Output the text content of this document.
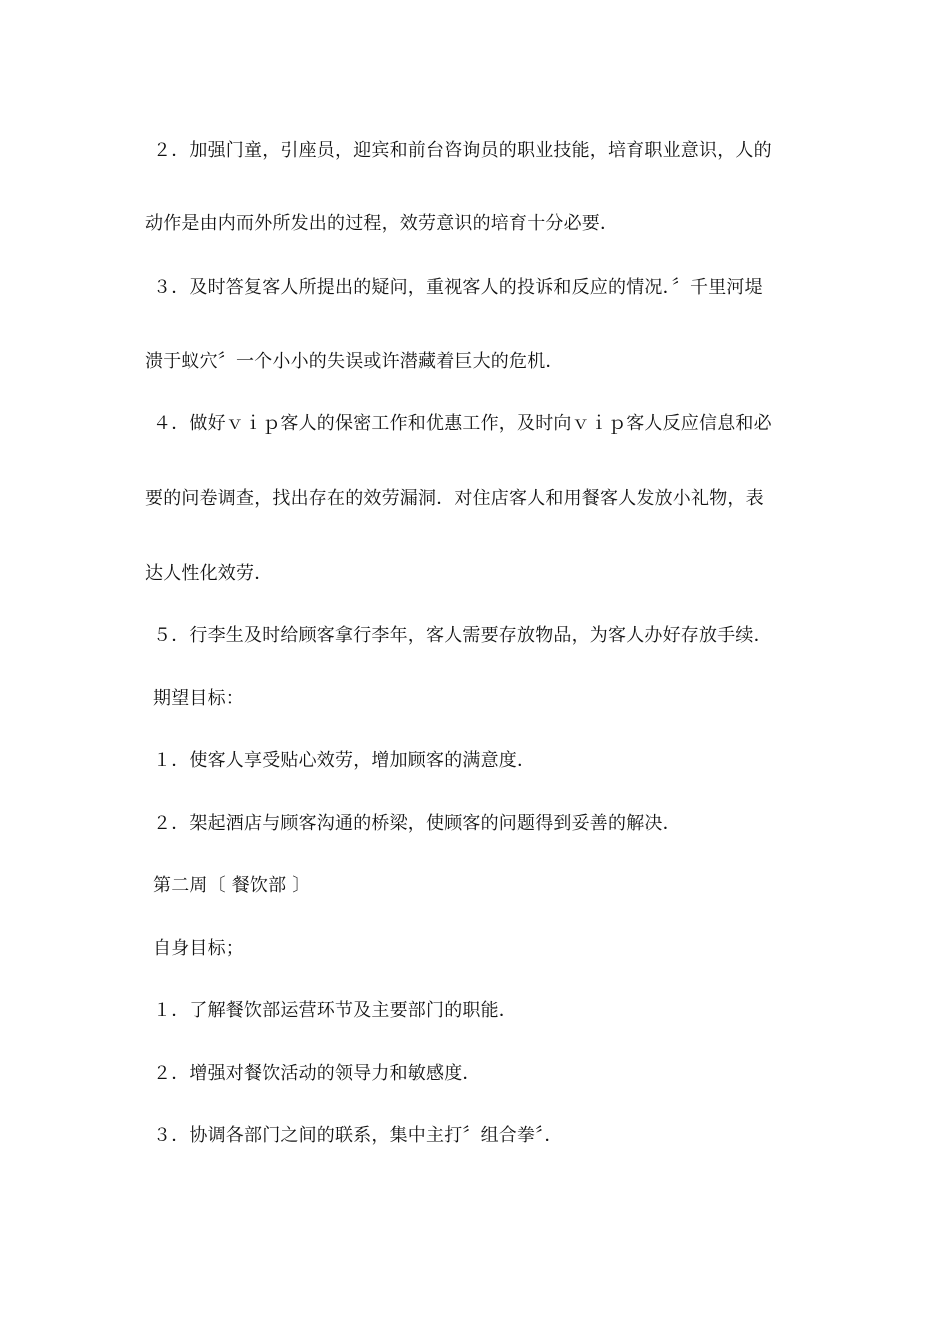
２．加强门童，引座员，迎宾和前台咨询员的职业技能，培育职业意识，人的
动作是由内而外所发出的过程，效劳意识的培育十分必要．
３．及时答复客人所提出的疑问，重视客人的投诉和反应的情况．〞千里河堤
溃于蚁穴〞一个小小的失误或许潜藏着巨大的危机．
４．做好ｖｉｐ客人的保密工作和优惠工作，及时向ｖｉｐ客人反应信息和必
要的问卷调查，找出存在的效劳漏洞．对住店客人和用餐客人发放小礼物，表
达人性化效劳．
５．行李生及时给顾客拿行李年，客人需要存放物品，为客人办好存放手续．
期望目标：
１．使客人享受贴心效劳，增加顾客的满意度．
２．架起酒店与顾客沟通的桥梁，使顾客的问题得到妥善的解决．
第二周〔 餐饮部 〕
自身目标；
１．了解餐饮部运营环节及主要部门的职能．
２．增强对餐饮活动的领导力和敏感度．
３．协调各部门之间的联系，集中主打〞组合拳〞．
